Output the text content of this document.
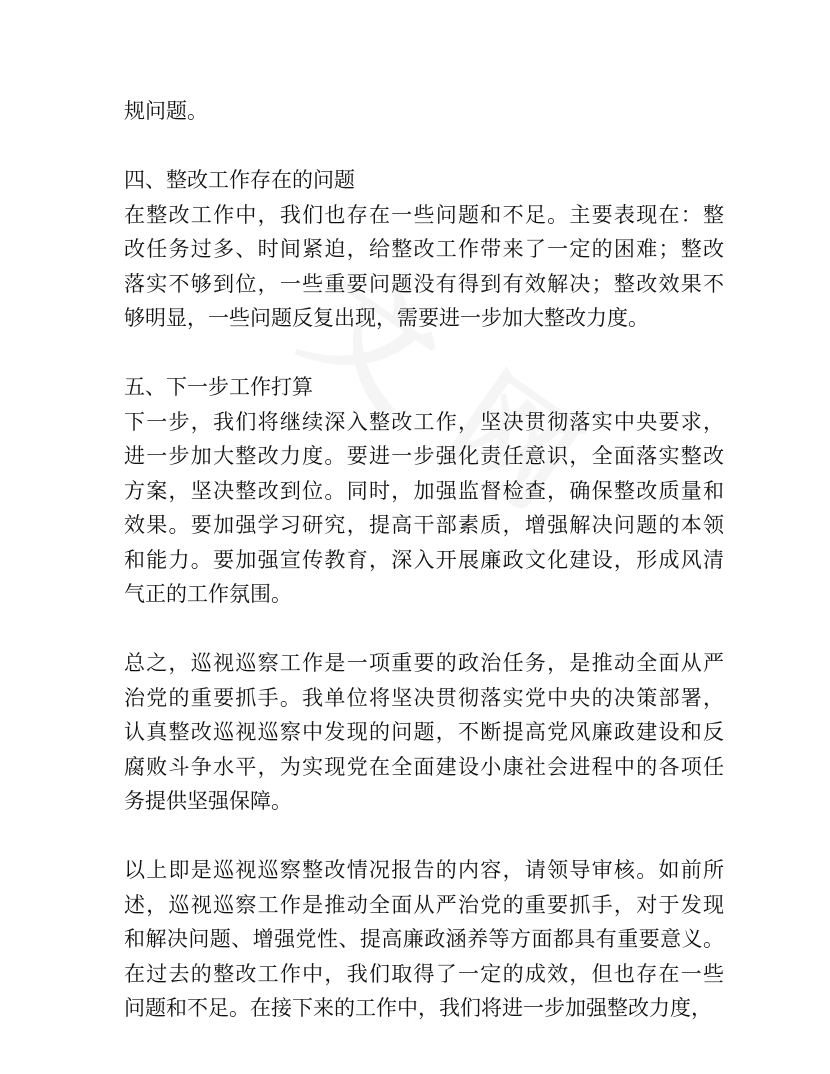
规问题。
四、整改工作存在的问题
在整改工作中，我们也存在一些问题和不足。主要表现在：整
改任务过多、时间紧迫，给整改工作带来了一定的困难；整改
落实不够到位，一些重要问题没有得到有效解决；整改效果不
够明显，一些问题反复出现，需要进一步加大整改力度。
五、下一步工作打算
下一步，我们将继续深入整改工作，坚决贯彻落实中央要求，
进一步加大整改力度。要进一步强化责任意识，全面落实整改
方案，坚决整改到位。同时，加强监督检查，确保整改质量和
效果。要加强学习研究，提高干部素质，增强解决问题的本领
和能力。要加强宣传教育，深入开展廉政文化建设，形成风清
气正的工作氛围。
总之，巡视巡察工作是一项重要的政治任务，是推动全面从严
治党的重要抓手。我单位将坚决贯彻落实党中央的决策部署，
认真整改巡视巡察中发现的问题，不断提高党风廉政建设和反
腐败斗争水平，为实现党在全面建设小康社会进程中的各项任
务提供坚强保障。
以上即是巡视巡察整改情况报告的内容，请领导审核。如前所
述，巡视巡察工作是推动全面从严治党的重要抓手，对于发现
和解决问题、增强党性、提高廉政涵养等方面都具有重要意义。
在过去的整改工作中，我们取得了一定的成效，但也存在一些
问题和不足。在接下来的工作中，我们将进一步加强整改力度，
